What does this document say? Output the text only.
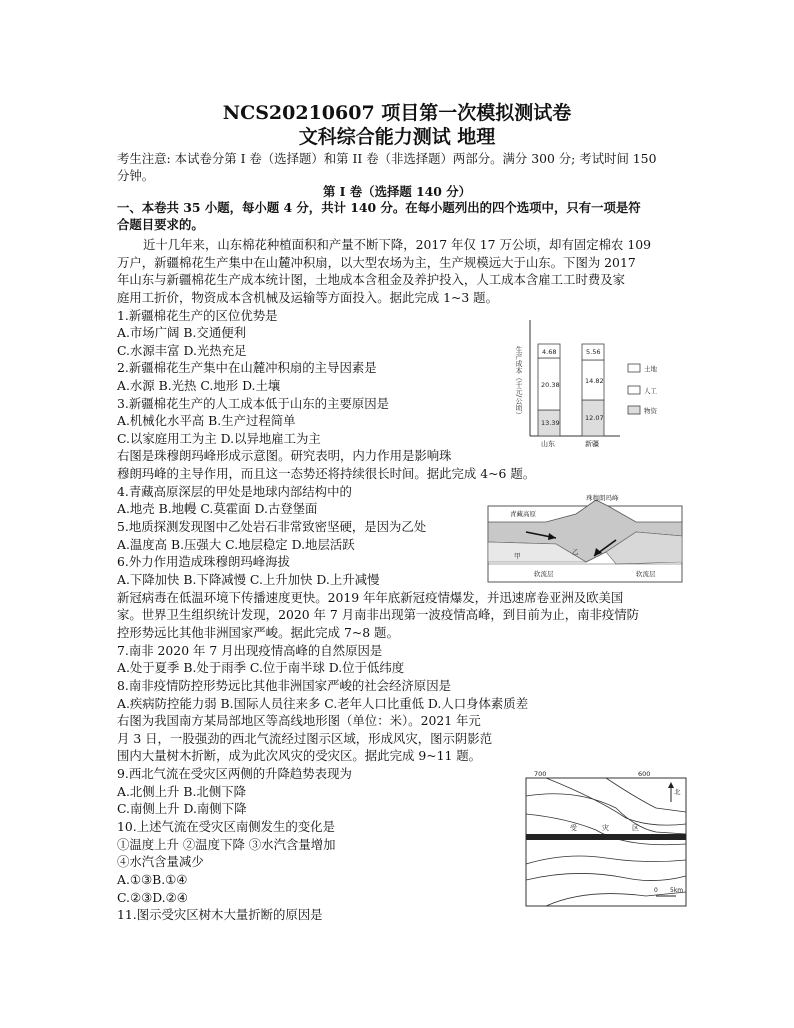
NCS20210607 项目第一次模拟测试卷
文科综合能力测试 地理
考生注意: 本试卷分第 I 卷（选择题）和第 II 卷（非选择题）两部分。满分 300 分; 考试时间 150
分钟。
第 I 卷（选择题 140 分）
一、本卷共 35 小题，每小题 4 分，共计 140 分。在每小题列出的四个选项中，只有一项是符
合题目要求的。
近十几年来，山东棉花种植面积和产量不断下降，2017 年仅 17 万公顷，却有固定棉农 109
万户，新疆棉花生产集中在山麓冲积扇，以大型农场为主，生产规模远大于山东。下图为 2017
年山东与新疆棉花生产成本统计图，土地成本含租金及养护投入，人工成本含雇工工时费及家
庭用工折价，物资成本含机械及运输等方面投入。据此完成 1~3 题。
1.新疆棉花生产的区位优势是
A.市场广阔 B.交通便利
C.水源丰富 D.光热充足
2.新疆棉花生产集中在山麓冲积扇的主导因素是
A.水源 B.光热 C.地形 D.土壤
3.新疆棉花生产的人工成本低于山东的主要原因是
A.机械化水平高 B.生产过程简单
C.以家庭用工为主 D.以异地雇工为主
右图是珠穆朗玛峰形成示意图。研究表明，内力作用是影响珠
穆朗玛峰的主导作用，而且这一态势还将持续很长时间。据此完成 4~6 题。
4.青藏高原深层的甲处是地球内部结构中的
A.地壳 B.地幔 C.莫霍面 D.古登堡面
5.地质探测发现图中乙处岩石非常致密坚硬，是因为乙处
A.温度高 B.压强大 C.地层稳定 D.地层活跃
6.外力作用造成珠穆朗玛峰海拔
A.下降加快 B.下降减慢 C.上升加快 D.上升减慢
新冠病毒在低温环境下传播速度更快。2019 年年底新冠疫情爆发，并迅速席卷亚洲及欧美国
家。世界卫生组织统计发现，2020 年 7 月南非出现第一波疫情高峰，到目前为止，南非疫情防
控形势远比其他非洲国家严峻。据此完成 7~8 题。
7.南非 2020 年 7 月出现疫情高峰的自然原因是
A.处于夏季 B.处于雨季 C.位于南半球 D.位于低纬度
8.南非疫情防控形势远比其他非洲国家严峻的社会经济原因是
A.疾病防控能力弱 B.国际人员往来多 C.老年人口比重低 D.人口身体素质差
右图为我国南方某局部地区等高线地形图（单位：米）。2021 年元
月 3 日，一股强劲的西北气流经过图示区域，形成风灾，图示阴影范
围内大量树木折断，成为此次风灾的受灾区。据此完成 9~11 题。
9.西北气流在受灾区两侧的升降趋势表现为
A.北侧上升 B.北侧下降
C.南侧上升 D.南侧下降
10.上述气流在受灾区南侧发生的变化是
①温度上升 ②温度下降 ③水汽含量增加
④水汽含量减少
A.①③B.①④
C.②③D.②④
11.图示受灾区树木大量折断的原因是
生产成本（千元/公顷）	4.68
20.38
13.39
5.56
14.82
12.07
山东	新疆
土地
人工
物资
珠穆朗玛峰
青藏高原
甲	乙
软流层	软流层
700	600
北
受	灾	区
0 5km
